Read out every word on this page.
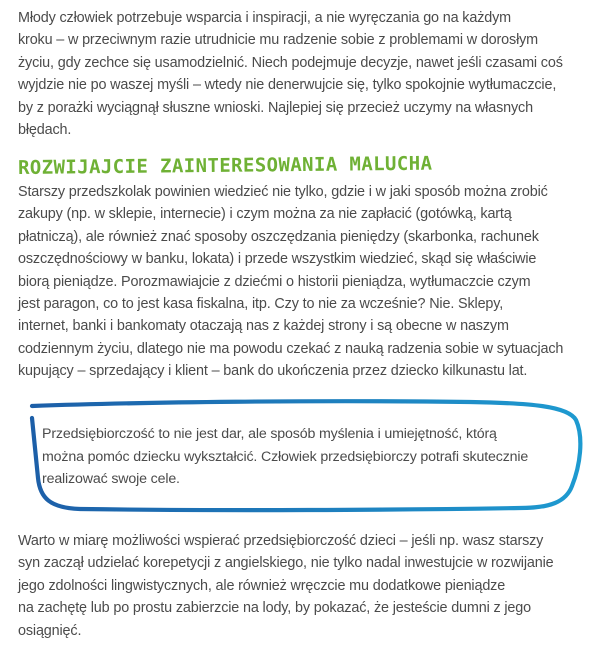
Młody człowiek potrzebuje wsparcia i inspiracji, a nie wyręczania go na każdym
kroku – w przeciwnym razie utrudnicie mu radzenie sobie z problemami w dorosłym
życiu, gdy zechce się usamodzielnić. Niech podejmuje decyzje, nawet jeśli czasami coś
wyjdzie nie po waszej myśli – wtedy nie denerwujcie się, tylko spokojnie wytłumaczcie,
by z porażki wyciągnął słuszne wnioski. Najlepiej się przecież uczymy na własnych
błędach.

ROZWIJAJCIE ZAINTERESOWANIA MALUCHA

Starszy przedszkolak powinien wiedzieć nie tylko, gdzie i w jaki sposób można zrobić
zakupy (np. w sklepie, internecie) i czym można za nie zapłacić (gotówką, kartą
płatniczą), ale również znać sposoby oszczędzania pieniędzy (skarbonka, rachunek
oszczędnościowy w banku, lokata) i przede wszystkim wiedzieć, skąd się właściwie
biorą pieniądze. Porozmawiajcie z dziećmi o historii pieniądza, wytłumaczcie czym
jest paragon, co to jest kasa fiskalna, itp. Czy to nie za wcześnie? Nie. Sklepy,
internet, banki i bankomaty otaczają nas z każdej strony i są obecne w naszym
codziennym życiu, dlatego nie ma powodu czekać z nauką radzenia sobie w sytuacjach
kupujący – sprzedający i klient – bank do ukończenia przez dziecko kilkunastu lat.

Przedsiębiorczość to nie jest dar, ale sposób myślenia i umiejętność, którą
można pomóc dziecku wykształcić. Człowiek przedsiębiorczy potrafi skutecznie
realizować swoje cele.

Warto w miarę możliwości wspierać przedsiębiorczość dzieci – jeśli np. wasz starszy
syn zaczął udzielać korepetycji z angielskiego, nie tylko nadal inwestujcie w rozwijanie
jego zdolności lingwistycznych, ale również wręczcie mu dodatkowe pieniądze
na zachętę lub po prostu zabierzcie na lody, by pokazać, że jesteście dumni z jego
osiągnięć.
